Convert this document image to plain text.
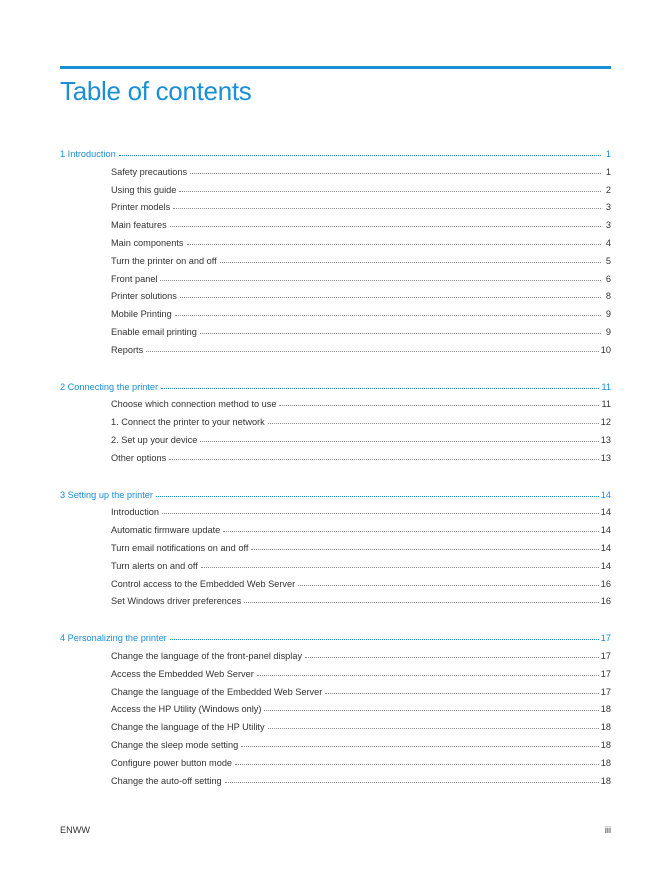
Table of contents
1 Introduction	1
Safety precautions	1
Using this guide	2
Printer models	3
Main features	3
Main components	4
Turn the printer on and off	5
Front panel	6
Printer solutions	8
Mobile Printing	9
Enable email printing	9
Reports	10
2 Connecting the printer	11
Choose which connection method to use	11
1. Connect the printer to your network	12
2. Set up your device	13
Other options	13
3 Setting up the printer	14
Introduction	14
Automatic firmware update	14
Turn email notifications on and off	14
Turn alerts on and off	14
Control access to the Embedded Web Server	16
Set Windows driver preferences	16
4 Personalizing the printer	17
Change the language of the front-panel display	17
Access the Embedded Web Server	17
Change the language of the Embedded Web Server	17
Access the HP Utility (Windows only)	18
Change the language of the HP Utility	18
Change the sleep mode setting	18
Configure power button mode	18
Change the auto-off setting	18
ENWW	iii
